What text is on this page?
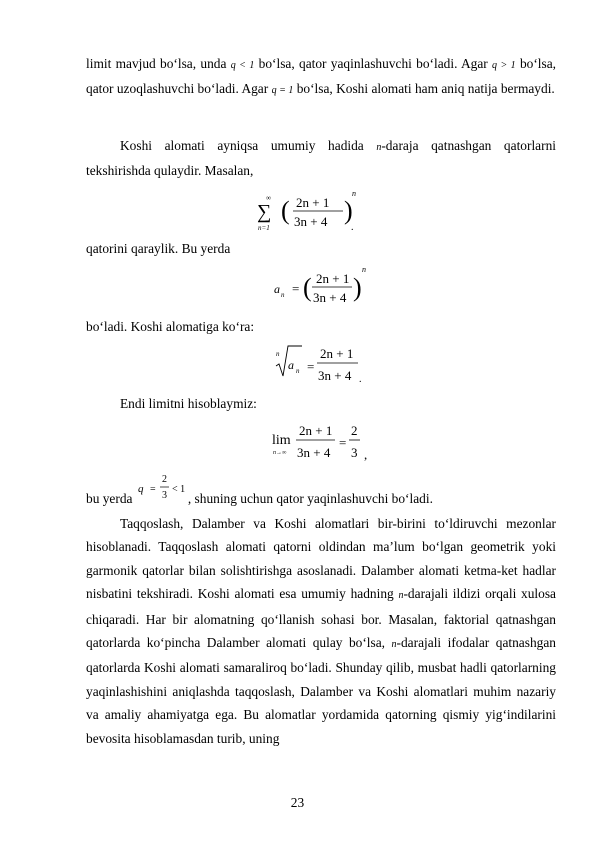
limit mavjud bo‘lsa, unda q < 1 bo‘lsa, qator yaqinlashuvchi bo‘ladi. Agar q > 1 bo‘lsa, qator uzoqlashuvchi bo‘ladi. Agar q = 1 bo‘lsa, Koshi alomati ham aniq natija bermaydi.

Koshi alomati ayniqsa umumiy hadida n-daraja qatnashgan qatorlarni tekshirishda qulaydir. Masalan,

∞
∑
n=1
( 2n + 1
3n + 4 )
n
.

qatorini qaraylik. Bu yerda

a n = ( 2n + 1
3n + 4 )
n

bo‘ladi. Koshi alomatiga ko‘ra:

n
a n =
2n + 1
3n + 4 .

Endi limitni hisoblaymiz:

lim
n→∞
2n + 1
3n + 4
=
2
3 ,

bu yerda	, shuning uchun qator yaqinlashuvchi bo‘ladi.

q =
2
3
< 1

Taqqoslash, Dalamber va Koshi alomatlari bir-birini to‘ldiruvchi mezonlar hisoblanadi. Taqqoslash alomati qatorni oldindan ma’lum bo‘lgan geometrik yoki garmonik qatorlar bilan solishtirishga asoslanadi. Dalamber alomati ketma-ket hadlar nisbatini tekshiradi. Koshi alomati esa umumiy hadning n-darajali ildizi orqali xulosa chiqaradi. Har bir alomatning qo‘llanish sohasi bor. Masalan, faktorial qatnashgan qatorlarda ko‘pincha Dalamber alomati qulay bo‘lsa, n-darajali ifodalar qatnashgan qatorlarda Koshi alomati samaraliroq bo‘ladi. Shunday qilib, musbat hadli qatorlarning yaqinlashishini aniqlashda taqqoslash, Dalamber va Koshi alomatlari muhim nazariy va amaliy ahamiyatga ega. Bu alomatlar yordamida qatorning qismiy yig‘indilarini bevosita hisoblamasdan turib, uning

23
